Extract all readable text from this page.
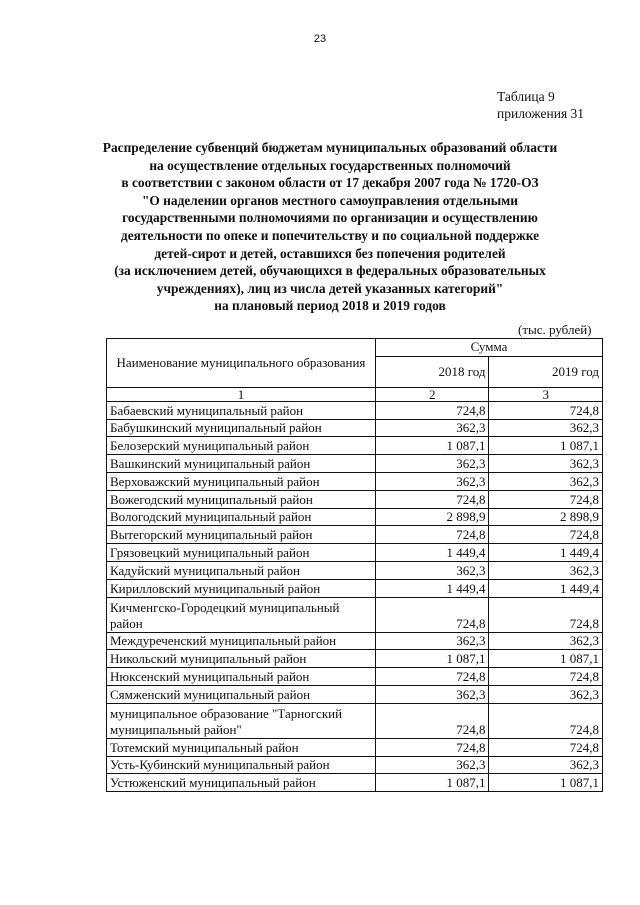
23
Таблица 9
приложения 31
Распределение субвенций бюджетам муниципальных образований области
на осуществление отдельных государственных полномочий
в соответствии с законом области от 17 декабря 2007 года № 1720-ОЗ
"О наделении органов местного самоуправления отдельными
государственными полномочиями по организации и осуществлению
деятельности по опеке и попечительству и по социальной поддержке
детей-сирот и детей, оставшихся без попечения родителей
(за исключением детей, обучающихся в федеральных образовательных
учреждениях), лиц из числа детей указанных категорий"
на плановый период 2018 и 2019 годов
(тыс. рублей)
Наименование муниципального образования	Сумма	
	2018 год	2019 год
1	2	3
Бабаевский муниципальный район	724,8	724,8
Бабушкинский муниципальный район	362,3	362,3
Белозерский муниципальный район	1 087,1	1 087,1
Вашкинский муниципальный район	362,3	362,3
Верховажский муниципальный район	362,3	362,3
Вожегодский муниципальный район	724,8	724,8
Вологодский муниципальный район	2 898,9	2 898,9
Вытегорский муниципальный район	724,8	724,8
Грязовецкий муниципальный район	1 449,4	1 449,4
Кадуйский муниципальный район	362,3	362,3
Кирилловский муниципальный район	1 449,4	1 449,4
Кичменгско-Городецкий муниципальный район	724,8	724,8
Междуреченский муниципальный район	362,3	362,3
Никольский муниципальный район	1 087,1	1 087,1
Нюксенский муниципальный район	724,8	724,8
Сямженский муниципальный район	362,3	362,3
муниципальное образование "Тарногский муниципальный район"	724,8	724,8
Тотемский муниципальный район	724,8	724,8
Усть-Кубинский муниципальный район	362,3	362,3
Устюженский муниципальный район	1 087,1	1 087,1
